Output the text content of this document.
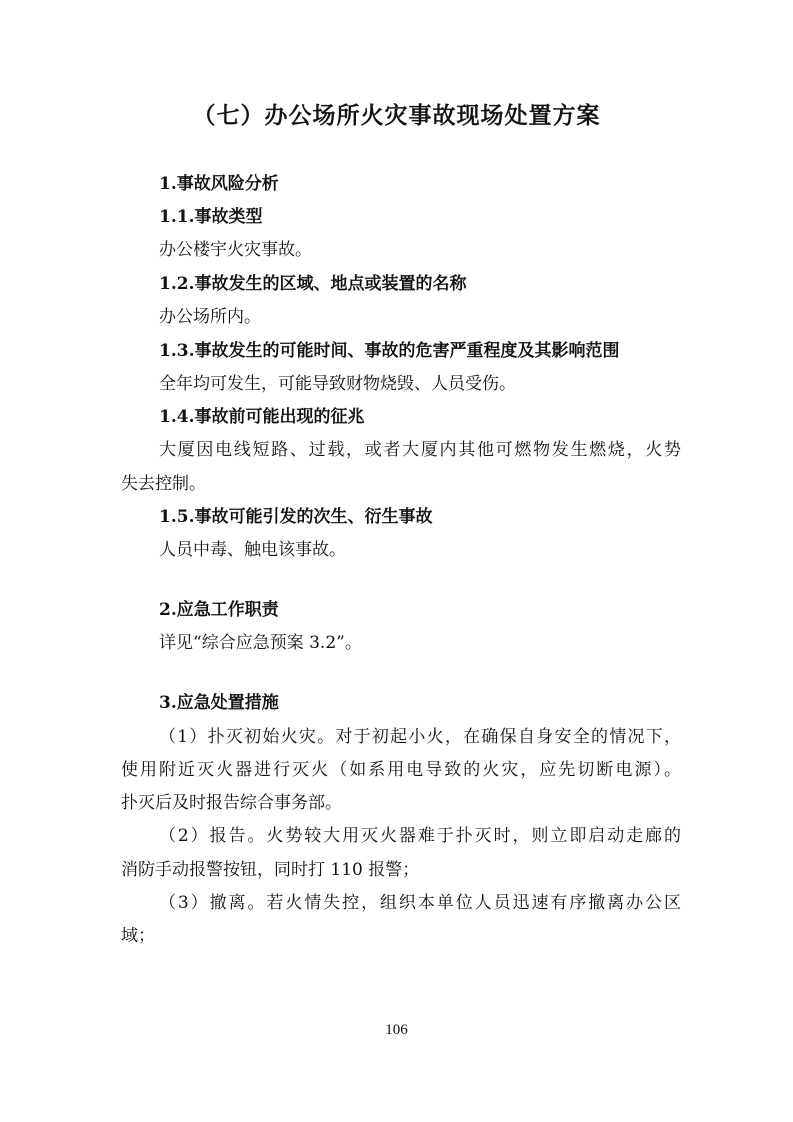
（七）办公场所火灾事故现场处置方案
1.事故风险分析
1.1.事故类型
办公楼宇火灾事故。
1.2.事故发生的区域、地点或装置的名称
办公场所内。
1.3.事故发生的可能时间、事故的危害严重程度及其影响范围
全年均可发生，可能导致财物烧毁、人员受伤。
1.4.事故前可能出现的征兆
大厦因电线短路、过载，或者大厦内其他可燃物发生燃烧，火势
失去控制。
1.5.事故可能引发的次生、衍生事故
人员中毒、触电该事故。
2.应急工作职责
详见“综合应急预案 3.2”。
3.应急处置措施
（1）扑灭初始火灾。对于初起小火，在确保自身安全的情况下，
使用附近灭火器进行灭火（如系用电导致的火灾，应先切断电源）。
扑灭后及时报告综合事务部。
（2）报告。火势较大用灭火器难于扑灭时，则立即启动走廊的
消防手动报警按钮，同时打 110 报警；
（3）撤离。若火情失控，组织本单位人员迅速有序撤离办公区
域；
106
